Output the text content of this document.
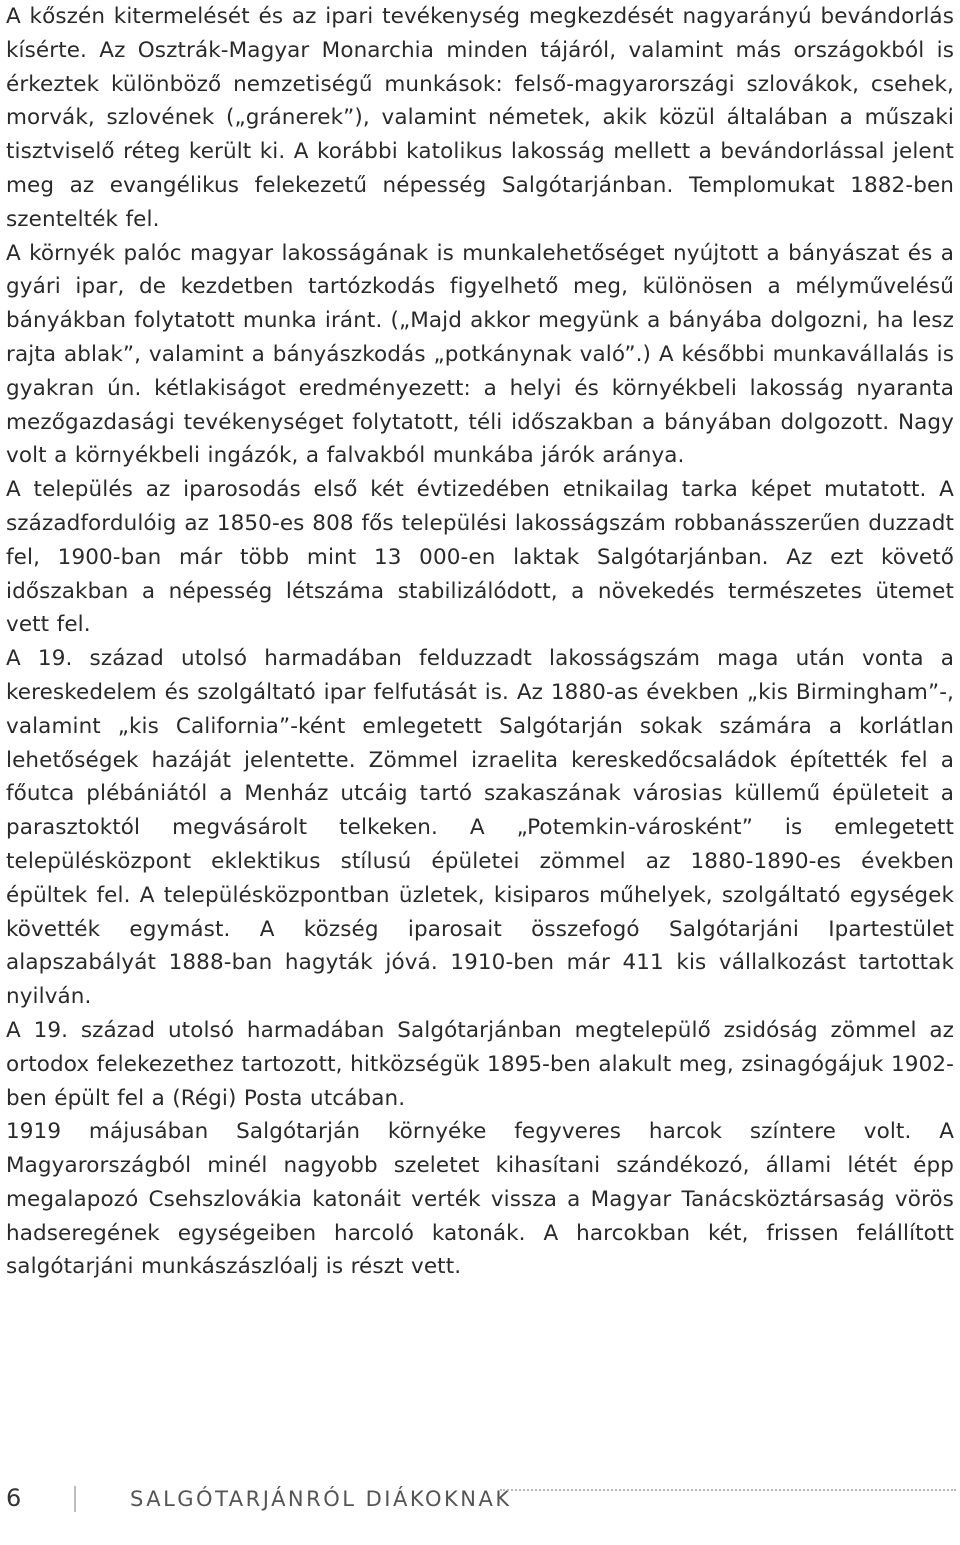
A kőszén kitermelését és az ipari tevékenység megkezdését nagyarányú bevándorlás kísérte. Az Osztrák-Magyar Monarchia minden tájáról, valamint más országokból is érkeztek különböző nemzetiségű munkások: felső-magyarországi szlovákok, csehek, morvák, szlovének („gránerek”), valamint németek, akik közül általában a műszaki tisztviselő réteg került ki. A korábbi katolikus lakosság mellett a bevándorlással jelent meg az evangélikus felekezetű népesség Salgótarjánban. Templomukat 1882-ben szentelték fel.

A környék palóc magyar lakosságának is munkalehetőséget nyújtott a bányászat és a gyári ipar, de kezdetben tartózkodás figyelhető meg, különösen a mélyművelésű bányákban folytatott munka iránt. („Majd akkor megyünk a bányába dolgozni, ha lesz rajta ablak”, valamint a bányászkodás „potkánynak való”.) A későbbi munkavállalás is gyakran ún. kétlakiságot eredményezett: a helyi és környékbeli lakosság nyaranta mezőgazdasági tevékenységet folytatott, téli időszakban a bányában dolgozott. Nagy volt a környékbeli ingázók, a falvakból munkába járók aránya.

A település az iparosodás első két évtizedében etnikailag tarka képet mutatott. A századfordulóig az 1850-es 808 fős települési lakosságszám robbanásszerűen duzzadt fel, 1900-ban már több mint 13 000-en laktak Salgótarjánban. Az ezt követő időszakban a népesség létszáma stabilizálódott, a növekedés természetes ütemet vett fel.

A 19. század utolsó harmadában felduzzadt lakosságszám maga után vonta a kereskedelem és szolgáltató ipar felfutását is. Az 1880-as években „kis Birmingham”-, valamint „kis California”-ként emlegetett Salgótarján sokak számára a korlátlan lehetőségek hazáját jelentette. Zömmel izraelita kereskedőcsaládok építették fel a főutca plébániától a Menház utcáig tartó szakaszának városias küllemű épületeit a parasztoktól megvásárolt telkeken. A „Potemkin-városként” is emlegetett településközpont eklektikus stílusú épületei zömmel az 1880-1890-es években épültek fel. A településközpontban üzletek, kisiparos műhelyek, szolgáltató egységek követték egymást. A község iparosait összefogó Salgótarjáni Ipartestület alapszabályát 1888-ban hagyták jóvá. 1910-ben már 411 kis vállalkozást tartottak nyilván.

A 19. század utolsó harmadában Salgótarjánban megtelepülő zsidóság zömmel az ortodox felekezethez tartozott, hitközségük 1895-ben alakult meg, zsinagógájuk 1902-ben épült fel a (Régi) Posta utcában.

1919 májusában Salgótarján környéke fegyveres harcok színtere volt. A Magyarországból minél nagyobb szeletet kihasítani szándékozó, állami létét épp megalapozó Csehszlovákia katonáit verték vissza a Magyar Tanácsköztársaság vörös hadseregének egységeiben harcoló katonák. A harcokban két, frissen felállított salgótarjáni munkászászlóalj is részt vett.

6	SALGÓTARJÁNRÓL DIÁKOKNAK
